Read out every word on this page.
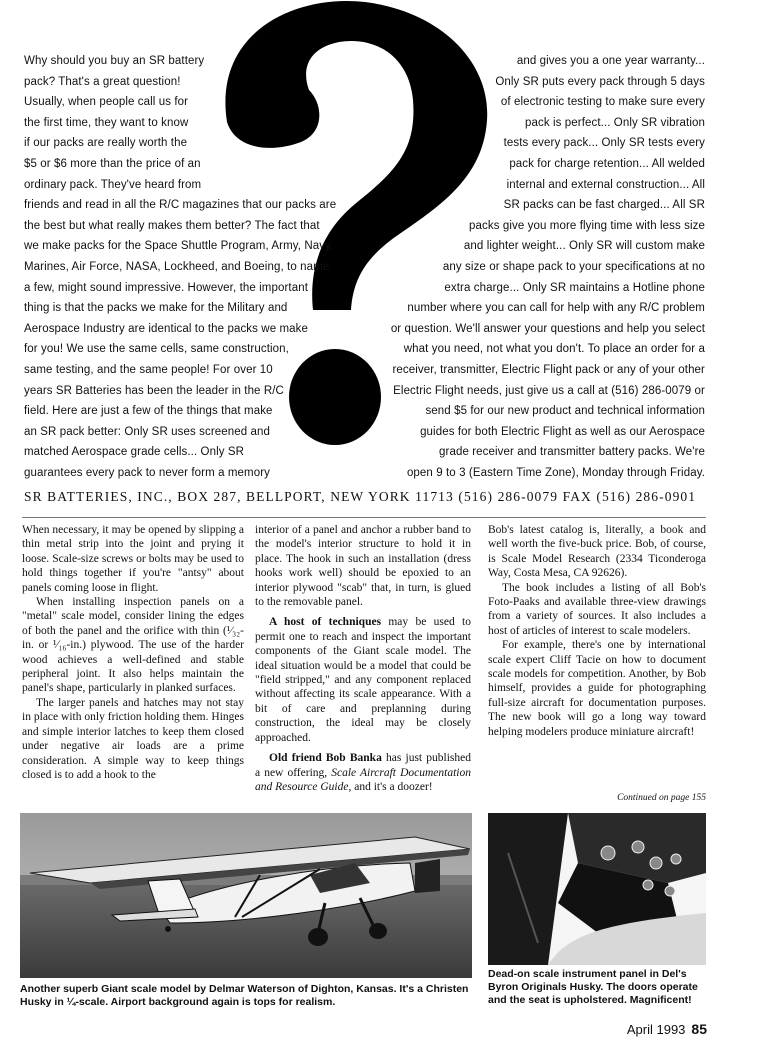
Why should you buy an SR battery
pack? That's a great question!
Usually, when people call us for
the first time, they want to know
if our packs are really worth the
$5 or $6 more than the price of an
ordinary pack. They've heard from
friends and read in all the R/C magazines that our packs are
the best but what really makes them better? The fact that
we make packs for the Space Shuttle Program, Army, Navy,
Marines, Air Force, NASA, Lockheed, and Boeing, to name
a few, might sound impressive. However, the important
thing is that the packs we make for the Military and
Aerospace Industry are identical to the packs we make
for you! We use the same cells, same construction,
same testing, and the same people! For over 10
years SR Batteries has been the leader in the R/C
field. Here are just a few of the things that make
an SR pack better: Only SR uses screened and
matched Aerospace grade cells... Only SR
guarantees every pack to never form a memory
and gives you a one year warranty...
Only SR puts every pack through 5 days
of electronic testing to make sure every
pack is perfect... Only SR vibration
tests every pack... Only SR tests every
pack for charge retention... All welded
internal and external construction... All
SR packs can be fast charged... All SR
packs give you more flying time with less size
and lighter weight... Only SR will custom make
any size or shape pack to your specifications at no
extra charge... Only SR maintains a Hotline phone
number where you can call for help with any R/C problem
or question. We'll answer your questions and help you select
what you need, not what you don't. To place an order for a
receiver, transmitter, Electric Flight pack or any of your other
Electric Flight needs, just give us a call at (516) 286-0079 or
send $5 for our new product and technical information
guides for both Electric Flight as well as our Aerospace
grade receiver and transmitter battery packs. We're
open 9 to 3 (Eastern Time Zone), Monday through Friday.
SR BATTERIES, INC., BOX 287, BELLPORT, NEW YORK 11713 (516) 286-0079 FAX (516) 286-0901

When necessary, it may be opened by slipping a thin metal strip into the joint and prying it loose. Scale-size screws or bolts may be used to hold things together if you're "antsy" about panels coming loose in flight.

When installing inspection panels on a "metal" scale model, consider lining the edges of both the panel and the orifice with thin (¹⁄₃₂-in. or ¹⁄₁₆-in.) plywood. The use of the harder wood achieves a well-defined and stable peripheral joint. It also helps maintain the panel's shape, particularly in planked surfaces.

The larger panels and hatches may not stay in place with only friction holding them. Hinges and simple interior latches to keep them closed under negative air loads are a prime consideration. A simple way to keep things closed is to add a hook to the

interior of a panel and anchor a rubber band to the model's interior structure to hold it in place. The hook in such an installation (dress hooks work well) should be epoxied to an interior plywood "scab" that, in turn, is glued to the removable panel.

A host of techniques may be used to permit one to reach and inspect the important components of the Giant scale model. The ideal situation would be a model that could be "field stripped," and any component replaced without affecting its scale appearance. With a bit of care and preplanning during construction, the ideal may be closely approached.

Old friend Bob Banka has just published a new offering, Scale Aircraft Documentation and Resource Guide, and it's a doozer!

Bob's latest catalog is, literally, a book and well worth the five-buck price. Bob, of course, is Scale Model Research (2334 Ticonderoga Way, Costa Mesa, CA 92626).

The book includes a listing of all Bob's Foto-Paaks and available three-view drawings from a variety of sources. It also includes a host of articles of interest to scale modelers.

For example, there's one by international scale expert Cliff Tacie on how to document scale models for competition. Another, by Bob himself, provides a guide for photographing full-size aircraft for documentation purposes. The new book will go a long way toward helping modelers produce miniature aircraft!

Continued on page 155
Another superb Giant scale model by Delmar Waterson of Dighton, Kansas. It's a Christen Husky in ¼-scale. Airport background again is tops for realism.
Dead-on scale instrument panel in Del's Byron Originals Husky. The doors operate and the seat is upholstered. Magnificent!
April 1993 85
